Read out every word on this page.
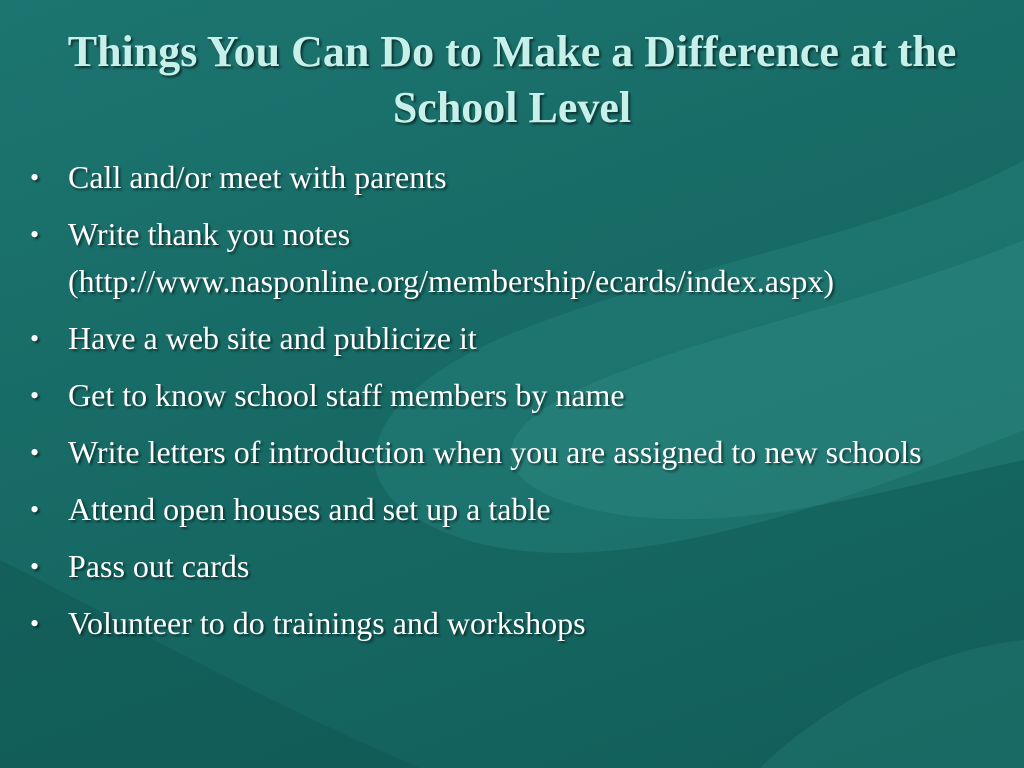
Things You Can Do to Make a Difference at the School Level
• Call and/or meet with parents
• Write thank you notes (http://www.nasponline.org/membership/ecards/index.aspx)
• Have a web site and publicize it
• Get to know school staff members by name
• Write letters of introduction when you are assigned to new schools
• Attend open houses and set up a table
• Pass out cards
• Volunteer to do trainings and workshops
